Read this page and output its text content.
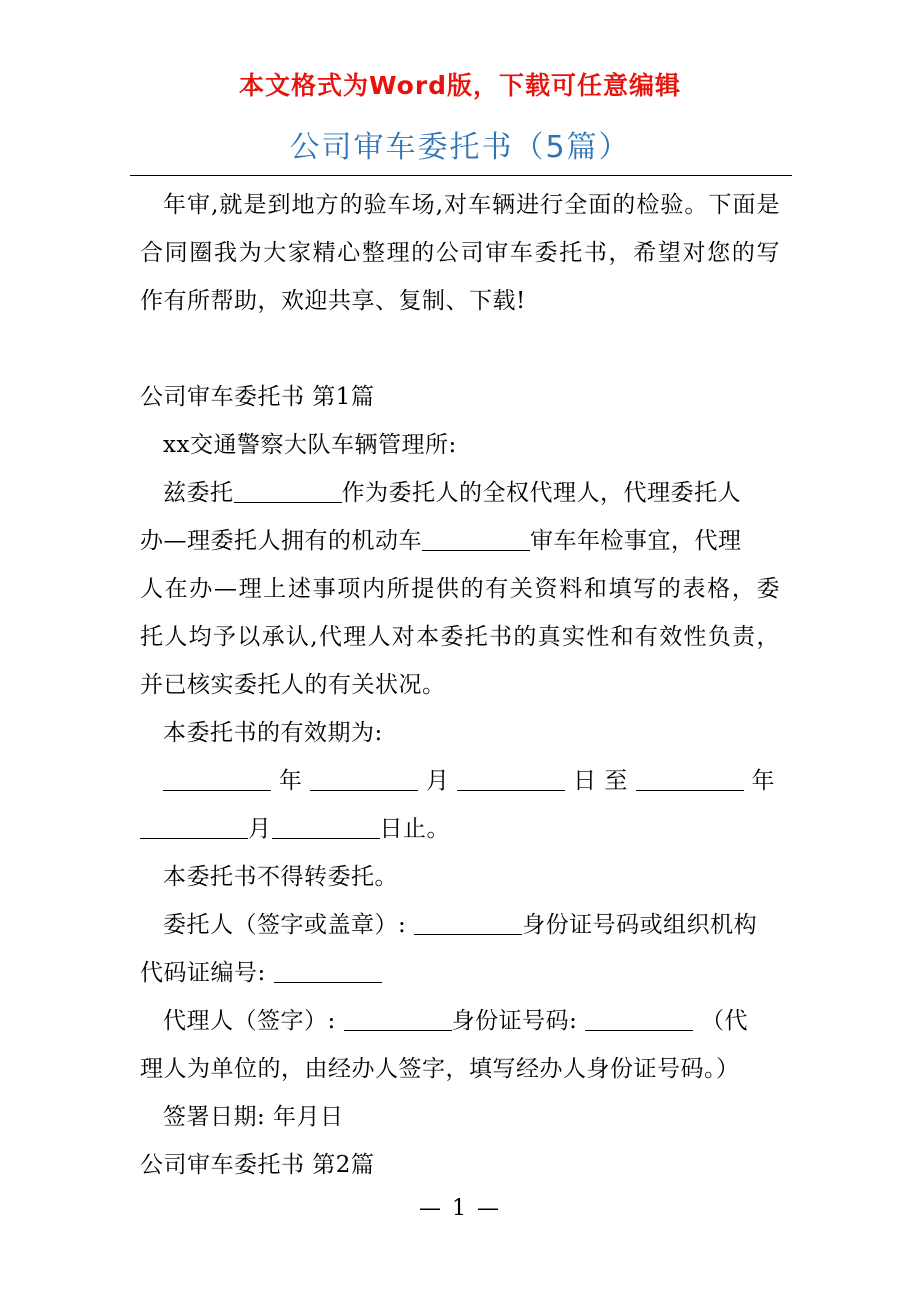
本文格式为Word版，下载可任意编辑
公司审车委托书（5篇）
年审,就是到地方的验车场,对车辆进行全面的检验。下面是
合同圈我为大家精心整理的公司审车委托书，希望对您的写
作有所帮助，欢迎共享、复制、下载!
公司审车委托书 第1篇
xx交通警察大队车辆管理所:
兹委托	作为委托人的全权代理人，代理委托人
办—理委托人拥有的机动车	审车年检事宜，代理
人在办—理上述事项内所提供的有关资料和填写的表格，委
托人均予以承认,代理人对本委托书的真实性和有效性负责，
并已核实委托人的有关状况。
本委托书的有效期为:
年	月	日 至	年
月	日止。
本委托书不得转委托。
委托人（签字或盖章）:	身份证号码或组织机构
代码证编号:
代理人（签字）:	身份证号码:	（代
理人为单位的，由经办人签字，填写经办人身份证号码。）
签署日期: 年月日
公司审车委托书 第2篇
— 1 —
